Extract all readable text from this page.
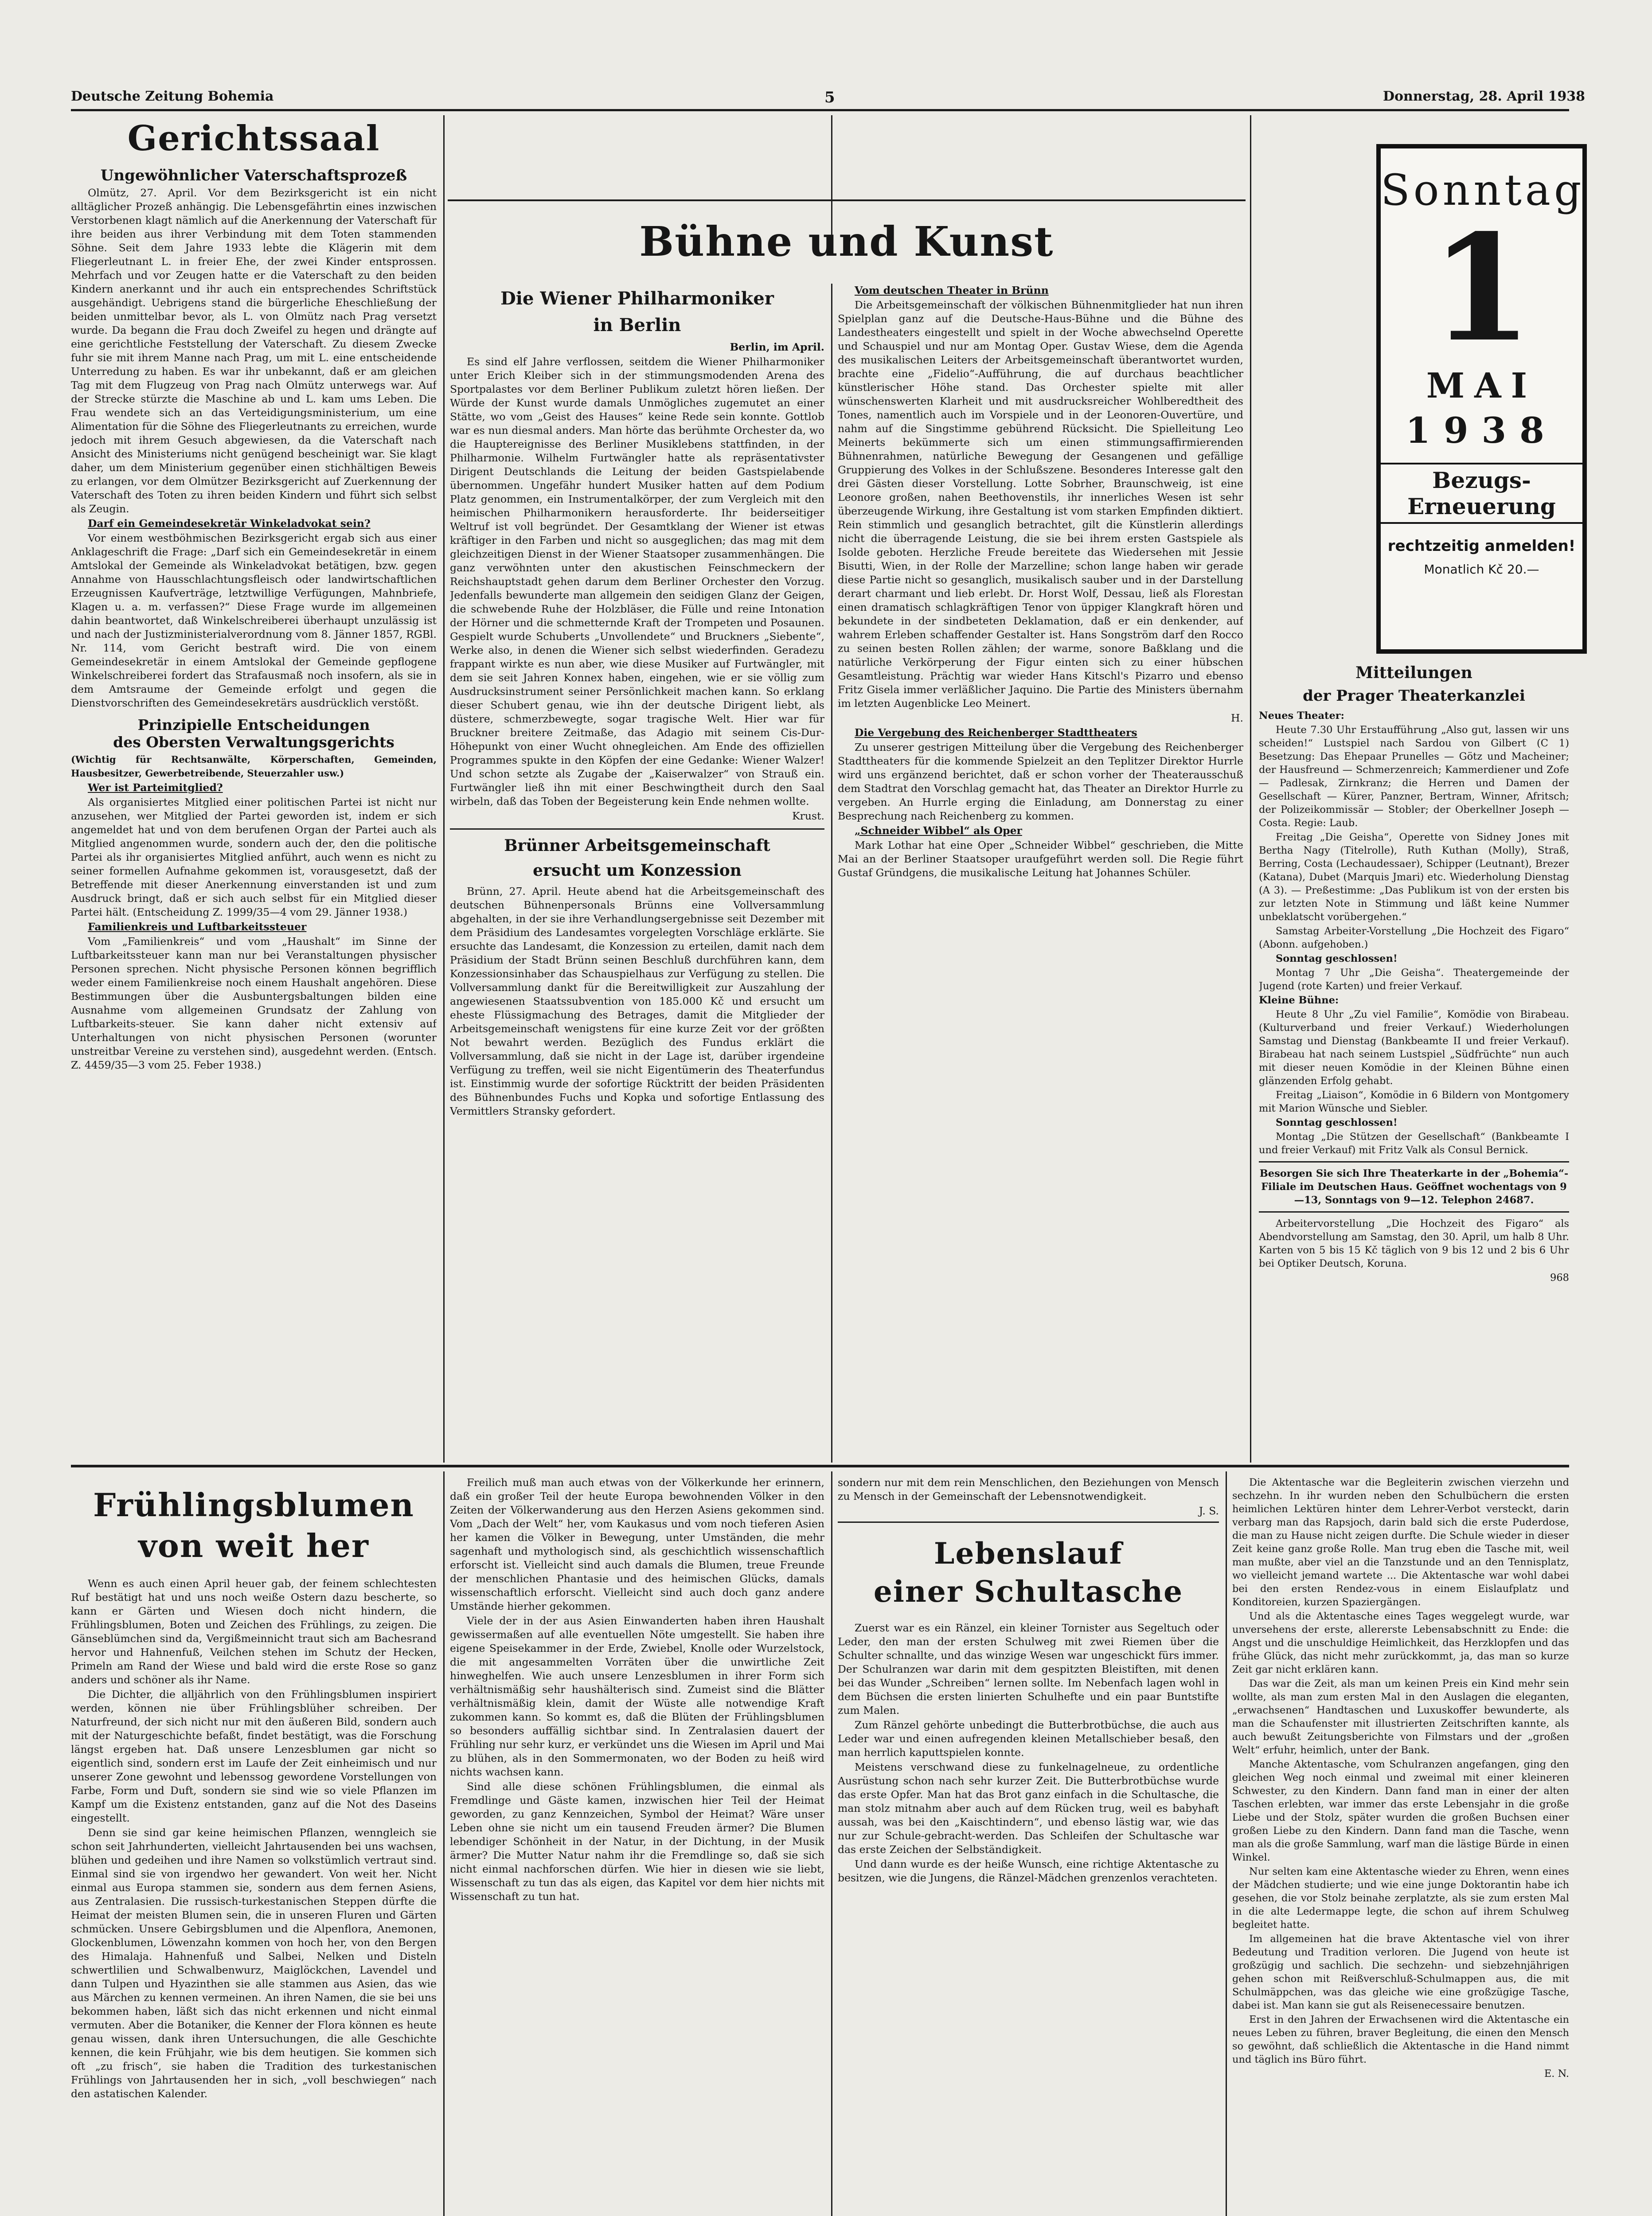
Deutsche Zeitung Bohemia	5	Donnerstag, 28. April 1938
Gerichtssaal
Ungewöhnlicher Vaterschaftsprozeß

Olmütz, 27. April. Vor dem Bezirksgericht ist ein nicht alltäglicher Prozeß anhängig. Die Lebensgefährtin eines inzwischen Verstorbenen klagt nämlich auf die Anerkennung der Vaterschaft für ihre beiden aus ihrer Verbindung mit dem Toten stammenden Söhne. Seit dem Jahre 1933 lebte die Klägerin mit dem Fliegerleutnant L. in freier Ehe, der zwei Kinder entsprossen. Mehrfach und vor Zeugen hatte er die Vaterschaft zu den beiden Kindern anerkannt und ihr auch ein entsprechendes Schriftstück ausgehändigt. Uebrigens stand die bürgerliche Eheschließung der beiden unmittelbar bevor, als L. von Olmütz nach Prag versetzt wurde. Da begann die Frau doch Zweifel zu hegen und drängte auf eine gerichtliche Feststellung der Vaterschaft. Zu diesem Zwecke fuhr sie mit ihrem Manne nach Prag, um mit L. eine entscheidende Unterredung zu haben. Es war ihr unbekannt, daß er am gleichen Tag mit dem Flugzeug von Prag nach Olmütz unterwegs war. Auf der Strecke stürzte die Maschine ab und L. kam ums Leben. Die Frau wendete sich an das Verteidigungsministerium, um eine Alimentation für die Söhne des Fliegerleutnants zu erreichen, wurde jedoch mit ihrem Gesuch abgewiesen, da die Vaterschaft nach Ansicht des Ministeriums nicht genügend bescheinigt war. Sie klagt daher, um dem Ministerium gegenüber einen stichhältigen Beweis zu erlangen, vor dem Olmützer Bezirksgericht auf Zuerkennung der Vaterschaft des Toten zu ihren beiden Kindern und führt sich selbst als Zeugin.

Darf ein Gemeindesekretär Winkeladvokat sein?

Vor einem westböhmischen Bezirksgericht ergab sich aus einer Anklageschrift die Frage: „Darf sich ein Gemeindesekretär in einem Amtslokal der Gemeinde als Winkeladvokat betätigen, bzw. gegen Annahme von Hausschlachtungsfleisch oder landwirtschaftlichen Erzeugnissen Kaufverträge, letztwillige Verfügungen, Mahnbriefe, Klagen u. a. m. verfassen?“ Diese Frage wurde im allgemeinen dahin beantwortet, daß Winkelschreiberei überhaupt unzulässig ist und nach der Justizministerialverordnung vom 8. Jänner 1857, RGBl. Nr. 114, vom Gericht bestraft wird. Die von einem Gemeindesekretär in einem Amtslokal der Gemeinde gepflogene Winkelschreiberei fordert das Strafausmaß noch insofern, als sie in dem Amtsraume der Gemeinde erfolgt und gegen die Dienstvorschriften des Gemeindesekretärs ausdrücklich verstößt.

Prinzipielle Entscheidungen
des Obersten Verwaltungsgerichts

(Wichtig für Rechtsanwälte, Körperschaften, Gemeinden, Hausbesitzer, Gewerbetreibende, Steuerzahler usw.)

Wer ist Parteimitglied?

Als organisiertes Mitglied einer politischen Partei ist nicht nur anzusehen, wer Mitglied der Partei geworden ist, indem er sich angemeldet hat und von dem berufenen Organ der Partei auch als Mitglied angenommen wurde, sondern auch der, den die politische Partei als ihr organisiertes Mitglied anführt, auch wenn es nicht zu seiner formellen Aufnahme gekommen ist, vorausgesetzt, daß der Betreffende mit dieser Anerkennung einverstanden ist und zum Ausdruck bringt, daß er sich auch selbst für ein Mitglied dieser Partei hält. (Entscheidung Z. 1999/35—4 vom 29. Jänner 1938.)

Familienkreis und Luftbarkeitssteuer

Vom „Familienkreis“ und vom „Haushalt“ im Sinne der Luftbarkeitssteuer kann man nur bei Veranstaltungen physischer Personen sprechen. Nicht physische Personen können begrifflich weder einem Familienkreise noch einem Haushalt angehören. Diese Bestimmungen über die Ausbuntergsbaltungen bilden eine Ausnahme vom allgemeinen Grundsatz der Zahlung von Luftbarkeits-steuer. Sie kann daher nicht extensiv auf Unterhaltungen von nicht physischen Personen (worunter unstreitbar Vereine zu verstehen sind), ausgedehnt werden. (Entsch. Z. 4459/35—3 vom 25. Feber 1938.)

Bühne und Kunst
Die Wiener Philharmoniker
in Berlin

Berlin, im April.

Es sind elf Jahre verflossen, seitdem die Wiener Philharmoniker unter Erich Kleiber sich in der stimmungsmodenden Arena des Sportpalastes vor dem Berliner Publikum zuletzt hören ließen. Der Würde der Kunst wurde damals Unmögliches zugemutet an einer Stätte, wo vom „Geist des Hauses“ keine Rede sein konnte. Gottlob war es nun diesmal anders. Man hörte das berühmte Orchester da, wo die Hauptereignisse des Berliner Musiklebens stattfinden, in der Philharmonie. Wilhelm Furtwängler hatte als repräsentativster Dirigent Deutschlands die Leitung der beiden Gastspielabende übernommen. Ungefähr hundert Musiker hatten auf dem Podium Platz genommen, ein Instrumentalkörper, der zum Vergleich mit den heimischen Philharmonikern herausforderte. Ihr beiderseitiger Weltruf ist voll begründet. Der Gesamtklang der Wiener ist etwas kräftiger in den Farben und nicht so ausgeglichen; das mag mit dem gleichzeitigen Dienst in der Wiener Staatsoper zusammenhängen. Die ganz verwöhnten unter den akustischen Feinschmeckern der Reichshauptstadt gehen darum dem Berliner Orchester den Vorzug. Jedenfalls bewunderte man allgemein den seidigen Glanz der Geigen, die schwebende Ruhe der Holzbläser, die Fülle und reine Intonation der Hörner und die schmetternde Kraft der Trompeten und Posaunen. Gespielt wurde Schuberts „Unvollendete“ und Bruckners „Siebente“, Werke also, in denen die Wiener sich selbst wiederfinden. Geradezu frappant wirkte es nun aber, wie diese Musiker auf Furtwängler, mit dem sie seit Jahren Konnex haben, eingehen, wie er sie völlig zum Ausdrucksinstrument seiner Persönlichkeit machen kann. So erklang dieser Schubert genau, wie ihn der deutsche Dirigent liebt, als düstere, schmerzbewegte, sogar tragische Welt. Hier war für Bruckner breitere Zeitmaße, das Adagio mit seinem Cis-Dur-Höhepunkt von einer Wucht ohnegleichen. Am Ende des offiziellen Programmes spukte in den Köpfen der eine Gedanke: Wiener Walzer! Und schon setzte als Zugabe der „Kaiserwalzer“ von Strauß ein. Furtwängler ließ ihn mit einer Beschwingtheit durch den Saal wirbeln, daß das Toben der Begeisterung kein Ende nehmen wollte.

Krust.

Brünner Arbeitsgemeinschaft
ersucht um Konzession

Brünn, 27. April. Heute abend hat die Arbeitsgemeinschaft des deutschen Bühnenpersonals Brünns eine Vollversammlung abgehalten, in der sie ihre Verhandlungsergebnisse seit Dezember mit dem Präsidium des Landesamtes vorgelegten Vorschläge erklärte. Sie ersuchte das Landesamt, die Konzession zu erteilen, damit nach dem Präsidium der Stadt Brünn seinen Beschluß durchführen kann, dem Konzessionsinhaber das Schauspielhaus zur Verfügung zu stellen. Die Vollversammlung dankt für die Bereitwilligkeit zur Auszahlung der angewiesenen Staatssubvention von 185.000 Kč und ersucht um eheste Flüssigmachung des Betrages, damit die Mitglieder der Arbeitsgemeinschaft wenigstens für eine kurze Zeit vor der größten Not bewahrt werden. Bezüglich des Fundus erklärt die Vollversammlung, daß sie nicht in der Lage ist, darüber irgendeine Verfügung zu treffen, weil sie nicht Eigentümerin des Theaterfundus ist. Einstimmig wurde der sofortige Rücktritt der beiden Präsidenten des Bühnenbundes Fuchs und Kopka und sofortige Entlassung des Vermittlers Stransky gefordert.

Vom deutschen Theater in Brünn

Die Arbeitsgemeinschaft der völkischen Bühnenmitglieder hat nun ihren Spielplan ganz auf die Deutsche-Haus-Bühne und die Bühne des Landestheaters eingestellt und spielt in der Woche abwechselnd Operette und Schauspiel und nur am Montag Oper. Gustav Wiese, dem die Agenda des musikalischen Leiters der Arbeitsgemeinschaft überantwortet wurden, brachte eine „Fidelio“-Aufführung, die auf durchaus beachtlicher künstlerischer Höhe stand. Das Orchester spielte mit aller wünschenswerten Klarheit und mit ausdrucksreicher Wohlberedtheit des Tones, namentlich auch im Vorspiele und in der Leonoren-Ouvertüre, und nahm auf die Singstimme gebührend Rücksicht. Die Spielleitung Leo Meinerts bekümmerte sich um einen stimmungsaffirmierenden Bühnenrahmen, natürliche Bewegung der Gesangenen und gefällige Gruppierung des Volkes in der Schlußszene. Besonderes Interesse galt den drei Gästen dieser Vorstellung. Lotte Sobrher, Braunschweig, ist eine Leonore großen, nahen Beethovenstils, ihr innerliches Wesen ist sehr überzeugende Wirkung, ihre Gestaltung ist vom starken Empfinden diktiert. Rein stimmlich und gesanglich betrachtet, gilt die Künstlerin allerdings nicht die überragende Leistung, die sie bei ihrem ersten Gastspiele als Isolde geboten. Herzliche Freude bereitete das Wiedersehen mit Jessie Bisutti, Wien, in der Rolle der Marzelline; schon lange haben wir gerade diese Partie nicht so gesanglich, musikalisch sauber und in der Darstellung derart charmant und lieb erlebt. Dr. Horst Wolf, Dessau, ließ als Florestan einen dramatisch schlagkräftigen Tenor von üppiger Klangkraft hören und bekundete in der sindbeteten Deklamation, daß er ein denkender, auf wahrem Erleben schaffender Gestalter ist. Hans Songström darf den Rocco zu seinen besten Rollen zählen; der warme, sonore Baßklang und die natürliche Verkörperung der Figur einten sich zu einer hübschen Gesamtleistung. Prächtig war wieder Hans Kitschl's Pizarro und ebenso Fritz Gisela immer verläßlicher Jaquino. Die Partie des Ministers übernahm im letzten Augenblicke Leo Meinert.

H.

Die Vergebung des Reichenberger Stadttheaters

Zu unserer gestrigen Mitteilung über die Vergebung des Reichenberger Stadttheaters für die kommende Spielzeit an den Teplitzer Direktor Hurrle wird uns ergänzend berichtet, daß er schon vorher der Theaterausschuß dem Stadtrat den Vorschlag gemacht hat, das Theater an Direktor Hurrle zu vergeben. An Hurrle erging die Einladung, am Donnerstag zu einer Besprechung nach Reichenberg zu kommen.

„Schneider Wibbel“ als Oper

Mark Lothar hat eine Oper „Schneider Wibbel“ geschrieben, die Mitte Mai an der Berliner Staatsoper uraufgeführt werden soll. Die Regie führt Gustaf Gründgens, die musikalische Leitung hat Johannes Schüler.

Sonntag
1
MAI
1938
Bezugs-Erneuerung
rechtzeitig anmelden!
Monatlich Kč 20.—
Mitteilungen
der Prager Theaterkanzlei

Neues Theater:

Heute 7.30 Uhr Erstaufführung „Also gut, lassen wir uns scheiden!“ Lustspiel nach Sardou von Gilbert (C 1) Besetzung: Das Ehepaar Prunelles — Götz und Macheiner; der Hausfreund — Schmerzenreich; Kammerdiener und Zofe — Padlesak, Zirnkranz; die Herren und Damen der Gesellschaft — Kürer, Panzner, Bertram, Winner, Afritsch; der Polizeikommissär — Stobler; der Oberkellner Joseph — Costa. Regie: Laub.

Freitag „Die Geisha“, Operette von Sidney Jones mit Bertha Nagy (Titelrolle), Ruth Kuthan (Molly), Straß, Berring, Costa (Lechaudessaer), Schipper (Leutnant), Brezer (Katana), Dubet (Marquis Jmari) etc. Wiederholung Dienstag (A 3). — Preßestimme: „Das Publikum ist von der ersten bis zur letzten Note in Stimmung und läßt keine Nummer unbeklatscht vorübergehen.“

Samstag Arbeiter-Vorstellung „Die Hochzeit des Figaro“ (Abonn. aufgehoben.)

Sonntag geschlossen!

Montag 7 Uhr „Die Geisha“. Theatergemeinde der Jugend (rote Karten) und freier Verkauf.

Kleine Bühne:

Heute 8 Uhr „Zu viel Familie“, Komödie von Birabeau. (Kulturverband und freier Verkauf.) Wiederholungen Samstag und Dienstag (Bankbeamte II und freier Verkauf). Birabeau hat nach seinem Lustspiel „Südfrüchte“ nun auch mit dieser neuen Komödie in der Kleinen Bühne einen glänzenden Erfolg gehabt.

Freitag „Liaison“, Komödie in 6 Bildern von Montgomery mit Marion Wünsche und Siebler.

Sonntag geschlossen!

Montag „Die Stützen der Gesellschaft“ (Bankbeamte I und freier Verkauf) mit Fritz Valk als Consul Bernick.

Besorgen Sie sich Ihre Theaterkarte in der „Bohemia“-Filiale im Deutschen Haus. Geöffnet wochentags von 9—13, Sonntags von 9—12. Telephon 24687.

Arbeitervorstellung „Die Hochzeit des Figaro“ als Abendvorstellung am Samstag, den 30. April, um halb 8 Uhr. Karten von 5 bis 15 Kč täglich von 9 bis 12 und 2 bis 6 Uhr bei Optiker Deutsch, Koruna.

968

Frühlingsblumen
von weit her

Wenn es auch einen April heuer gab, der feinem schlechtesten Ruf bestätigt hat und uns noch weiße Ostern dazu bescherte, so kann er Gärten und Wiesen doch nicht hindern, die Frühlingsblumen, Boten und Zeichen des Frühlings, zu zeigen. Die Gänseblümchen sind da, Vergißmeinnicht traut sich am Bachesrand hervor und Hahnenfuß, Veilchen stehen im Schutz der Hecken, Primeln am Rand der Wiese und bald wird die erste Rose so ganz anders und schöner als ihr Name.

Die Dichter, die alljährlich von den Frühlingsblumen inspiriert werden, können nie über Frühlingsblüher schreiben. Der Naturfreund, der sich nicht nur mit den äußeren Bild, sondern auch mit der Naturgeschichte befaßt, findet bestätigt, was die Forschung längst ergeben hat. Daß unsere Lenzesblumen gar nicht so eigentlich sind, sondern erst im Laufe der Zeit einheimisch und nur unserer Zone gewohnt und lebenssog gewordene Vorstellungen von Farbe, Form und Duft, sondern sie sind wie so viele Pflanzen im Kampf um die Existenz entstanden, ganz auf die Not des Daseins eingestellt.

Denn sie sind gar keine heimischen Pflanzen, wenngleich sie schon seit Jahrhunderten, vielleicht Jahrtausenden bei uns wachsen, blühen und gedeihen und ihre Namen so volkstümlich vertraut sind. Einmal sind sie von irgendwo her gewandert. Von weit her. Nicht einmal aus Europa stammen sie, sondern aus dem fernen Asiens, aus Zentralasien. Die russisch-turkestanischen Steppen dürfte die Heimat der meisten Blumen sein, die in unseren Fluren und Gärten schmücken. Unsere Gebirgsblumen und die Alpenflora, Anemonen, Glockenblumen, Löwenzahn kommen von hoch her, von den Bergen des Himalaja. Hahnenfuß und Salbei, Nelken und Disteln schwertlilien und Schwalbenwurz, Maiglöckchen, Lavendel und dann Tulpen und Hyazinthen sie alle stammen aus Asien, das wie aus Märchen zu kennen vermeinen. An ihren Namen, die sie bei uns bekommen haben, läßt sich das nicht erkennen und nicht einmal vermuten. Aber die Botaniker, die Kenner der Flora können es heute genau wissen, dank ihren Untersuchungen, die alle Geschichte kennen, die kein Frühjahr, wie bis dem heutigen. Sie kommen sich oft „zu frisch“, sie haben die Tradition des turkestanischen Frühlings von Jahrtausenden her in sich, „voll beschwiegen“ nach den astatischen Kalender.

Freilich muß man auch etwas von der Völkerkunde her erinnern, daß ein großer Teil der heute Europa bewohnenden Völker in den Zeiten der Völkerwanderung aus den Herzen Asiens gekommen sind. Vom „Dach der Welt“ her, vom Kaukasus und vom noch tieferen Asien her kamen die Völker in Bewegung, unter Umständen, die mehr sagenhaft und mythologisch sind, als geschichtlich wissenschaftlich erforscht ist. Vielleicht sind auch damals die Blumen, treue Freunde der menschlichen Phantasie und des heimischen Glücks, damals wissenschaftlich erforscht. Vielleicht sind auch doch ganz andere Umstände hierher gekommen.

Viele der in der aus Asien Einwanderten haben ihren Haushalt gewissermaßen auf alle eventuellen Nöte umgestellt. Sie haben ihre eigene Speisekammer in der Erde, Zwiebel, Knolle oder Wurzelstock, die mit angesammelten Vorräten über die unwirtliche Zeit hinweghelfen. Wie auch unsere Lenzesblumen in ihrer Form sich verhältnismäßig sehr haushälterisch sind. Zumeist sind die Blätter verhältnismäßig klein, damit der Wüste alle notwendige Kraft zukommen kann. So kommt es, daß die Blüten der Frühlingsblumen so besonders auffällig sichtbar sind. In Zentralasien dauert der Frühling nur sehr kurz, er verkündet uns die Wiesen im April und Mai zu blühen, als in den Sommermonaten, wo der Boden zu heiß wird nichts wachsen kann.

Sind alle diese schönen Frühlingsblumen, die einmal als Fremdlinge und Gäste kamen, inzwischen hier Teil der Heimat geworden, zu ganz Kennzeichen, Symbol der Heimat? Wäre unser Leben ohne sie nicht um ein tausend Freuden ärmer? Die Blumen lebendiger Schönheit in der Natur, in der Dichtung, in der Musik ärmer? Die Mutter Natur nahm ihr die Fremdlinge so, daß sie sich nicht einmal nachforschen dürfen. Wie hier in diesen wie sie liebt, Wissenschaft zu tun das als eigen, das Kapitel vor dem hier nichts mit Wissenschaft zu tun hat.

sondern nur mit dem rein Menschlichen, den Beziehungen von Mensch zu Mensch in der Gemeinschaft der Lebensnotwendigkeit.

J. S.

Lebenslauf
einer Schultasche

Zuerst war es ein Ränzel, ein kleiner Tornister aus Segeltuch oder Leder, den man der ersten Schulweg mit zwei Riemen über die Schulter schnallte, und das winzige Wesen war ungeschickt fürs immer. Der Schulranzen war darin mit dem gespitzten Bleistiften, mit denen bei das Wunder „Schreiben“ lernen sollte. Im Nebenfach lagen wohl in dem Büchsen die ersten linierten Schulhefte und ein paar Buntstifte zum Malen.

Zum Ränzel gehörte unbedingt die Butterbrotbüchse, die auch aus Leder war und einen aufregenden kleinen Metallschieber besaß, den man herrlich kaputtspielen konnte.

Meistens verschwand diese zu funkelnagelneue, zu ordentliche Ausrüstung schon nach sehr kurzer Zeit. Die Butterbrotbüchse wurde das erste Opfer. Man hat das Brot ganz einfach in die Schultasche, die man stolz mitnahm aber auch auf dem Rücken trug, weil es babyhaft aussah, was bei den „Kaischtindern“, und ebenso lästig war, wie das nur zur Schule-gebracht-werden. Das Schleifen der Schultasche war das erste Zeichen der Selbständigkeit.

Und dann wurde es der heiße Wunsch, eine richtige Aktentasche zu besitzen, wie die Jungens, die Ränzel-Mädchen grenzenlos verachteten.

Die Aktentasche war die Begleiterin zwischen vierzehn und sechzehn. In ihr wurden neben den Schulbüchern die ersten heimlichen Lektüren hinter dem Lehrer-Verbot versteckt, darin verbarg man das Rapsjoch, darin bald sich die erste Puderdose, die man zu Hause nicht zeigen durfte. Die Schule wieder in dieser Zeit keine ganz große Rolle. Man trug eben die Tasche mit, weil man mußte, aber viel an die Tanzstunde und an den Tennisplatz, wo vielleicht jemand wartete ... Die Aktentasche war wohl dabei bei den ersten Rendez-vous in einem Eislaufplatz und Konditoreien, kurzen Spaziergängen.

Und als die Aktentasche eines Tages weggelegt wurde, war unversehens der erste, allererste Lebensabschnitt zu Ende: die Angst und die unschuldige Heimlichkeit, das Herzklopfen und das frühe Glück, das nicht mehr zurückkommt, ja, das man so kurze Zeit gar nicht erklären kann.

Das war die Zeit, als man um keinen Preis ein Kind mehr sein wollte, als man zum ersten Mal in den Auslagen die eleganten, „erwachsenen“ Handtaschen und Luxuskoffer bewunderte, als man die Schaufenster mit illustrierten Zeitschriften kannte, als auch bewußt Zeitungsberichte von Filmstars und der „großen Welt“ erfuhr, heimlich, unter der Bank.

Manche Aktentasche, vom Schulranzen angefangen, ging den gleichen Weg noch einmal und zweimal mit einer kleineren Schwester, zu den Kindern. Dann fand man in einer der alten Taschen erlebten, war immer das erste Lebensjahr in die große Liebe und der Stolz, später wurden die großen Buchsen einer großen Liebe zu den Kindern. Dann fand man die Tasche, wenn man als die große Sammlung, warf man die lästige Bürde in einen Winkel.

Nur selten kam eine Aktentasche wieder zu Ehren, wenn eines der Mädchen studierte; und wie eine junge Doktorantin habe ich gesehen, die vor Stolz beinahe zerplatzte, als sie zum ersten Mal in die alte Ledermappe legte, die schon auf ihrem Schulweg begleitet hatte.

Im allgemeinen hat die brave Aktentasche viel von ihrer Bedeutung und Tradition verloren. Die Jugend von heute ist großzügig und sachlich. Die sechzehn- und siebzehnjährigen gehen schon mit Reißverschluß-Schulmappen aus, die mit Schulmäppchen, was das gleiche wie eine großzügige Tasche, dabei ist. Man kann sie gut als Reisenecessaire benutzen.

Erst in den Jahren der Erwachsenen wird die Aktentasche ein neues Leben zu führen, braver Begleitung, die einen den Mensch so gewöhnt, daß schließlich die Aktentasche in die Hand nimmt und täglich ins Büro führt.

E. N.
